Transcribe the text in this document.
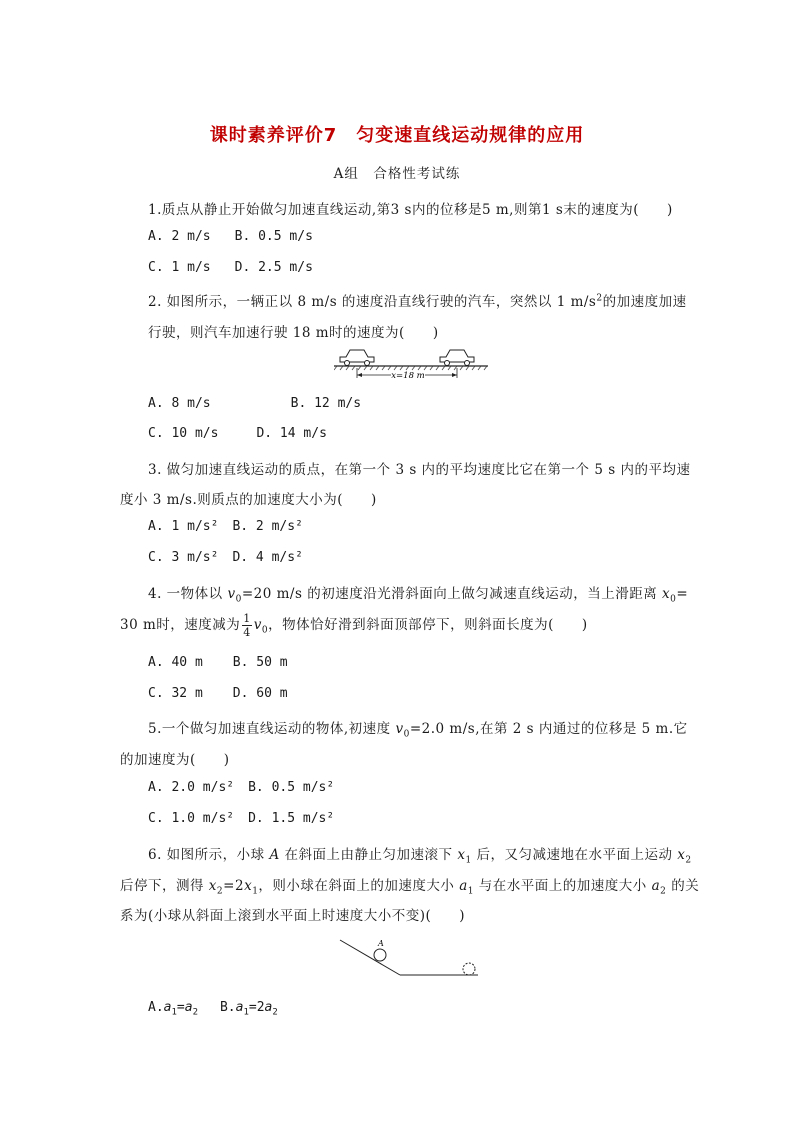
课时素养评价7　匀变速直线运动规律的应用
A组　合格性考试练
1.质点从静止开始做匀加速直线运动,第3 s内的位移是5 m,则第1 s末的速度为(　　)
A. 2 m/s B. 0.5 m/s
C. 1 m/s D. 2.5 m/s
2. 如图所示，一辆正以 8 m/s 的速度沿直线行驶的汽车，突然以 1 $m/s^2$的加速度加速
行驶，则汽车加速行驶 18 m时的速度为(　　)
x=18 m
A. 8 m/s	B. 12 m/s
C. 10 m/s	D. 14 m/s
3. 做匀加速直线运动的质点，在第一个 3 s 内的平均速度比它在第一个 5 s 内的平均速
度小 3 m/s.则质点的加速度大小为(　　)
A. 1 m/s² B. 2 m/s²
C. 3 m/s² D. 4 m/s²
4. 一物体以 $v_0=20$ m/s 的初速度沿光滑斜面向上做匀减速直线运动，当上滑距离 $x_0=$
30 m时，速度减为 $\frac{1}{4} v_0$，物体恰好滑到斜面顶部停下，则斜面长度为(　　)
A. 40 m B. 50 m
C. 32 m D. 60 m
5.一个做匀加速直线运动的物体,初速度 $v_0=2.0$ m/s,在第 2 s 内通过的位移是 5 m.它
的加速度为(　　)
A. 2.0 m/s² B. 0.5 m/s²
C. 1.0 m/s² D. 1.5 m/s²
6. 如图所示，小球 A 在斜面上由静止匀加速滚下 $x_1$ 后，又匀减速地在水平面上运动 $x_2$
后停下，测得 $x_2=2x_1$，则小球在斜面上的加速度大小 $a_1$ 与在水平面上的加速度大小 $a_2$ 的关
系为(小球从斜面上滚到水平面上时速度大小不变)(　　)
A
$A.a_1=a_2$ $B.a_1=2a_2$
